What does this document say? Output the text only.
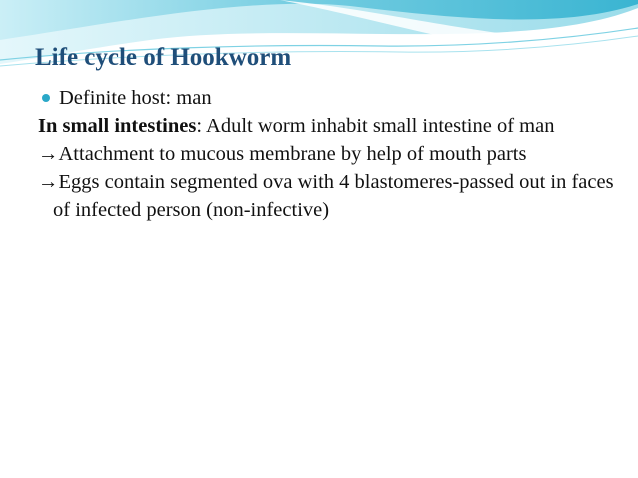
Life cycle of Hookworm

Definite host: man

In small intestines: Adult worm inhabit small intestine of man

→Attachment to mucous membrane by help of mouth parts

→Eggs contain segmented ova with 4 blastomeres-passed out in faces of infected person (non-infective)
